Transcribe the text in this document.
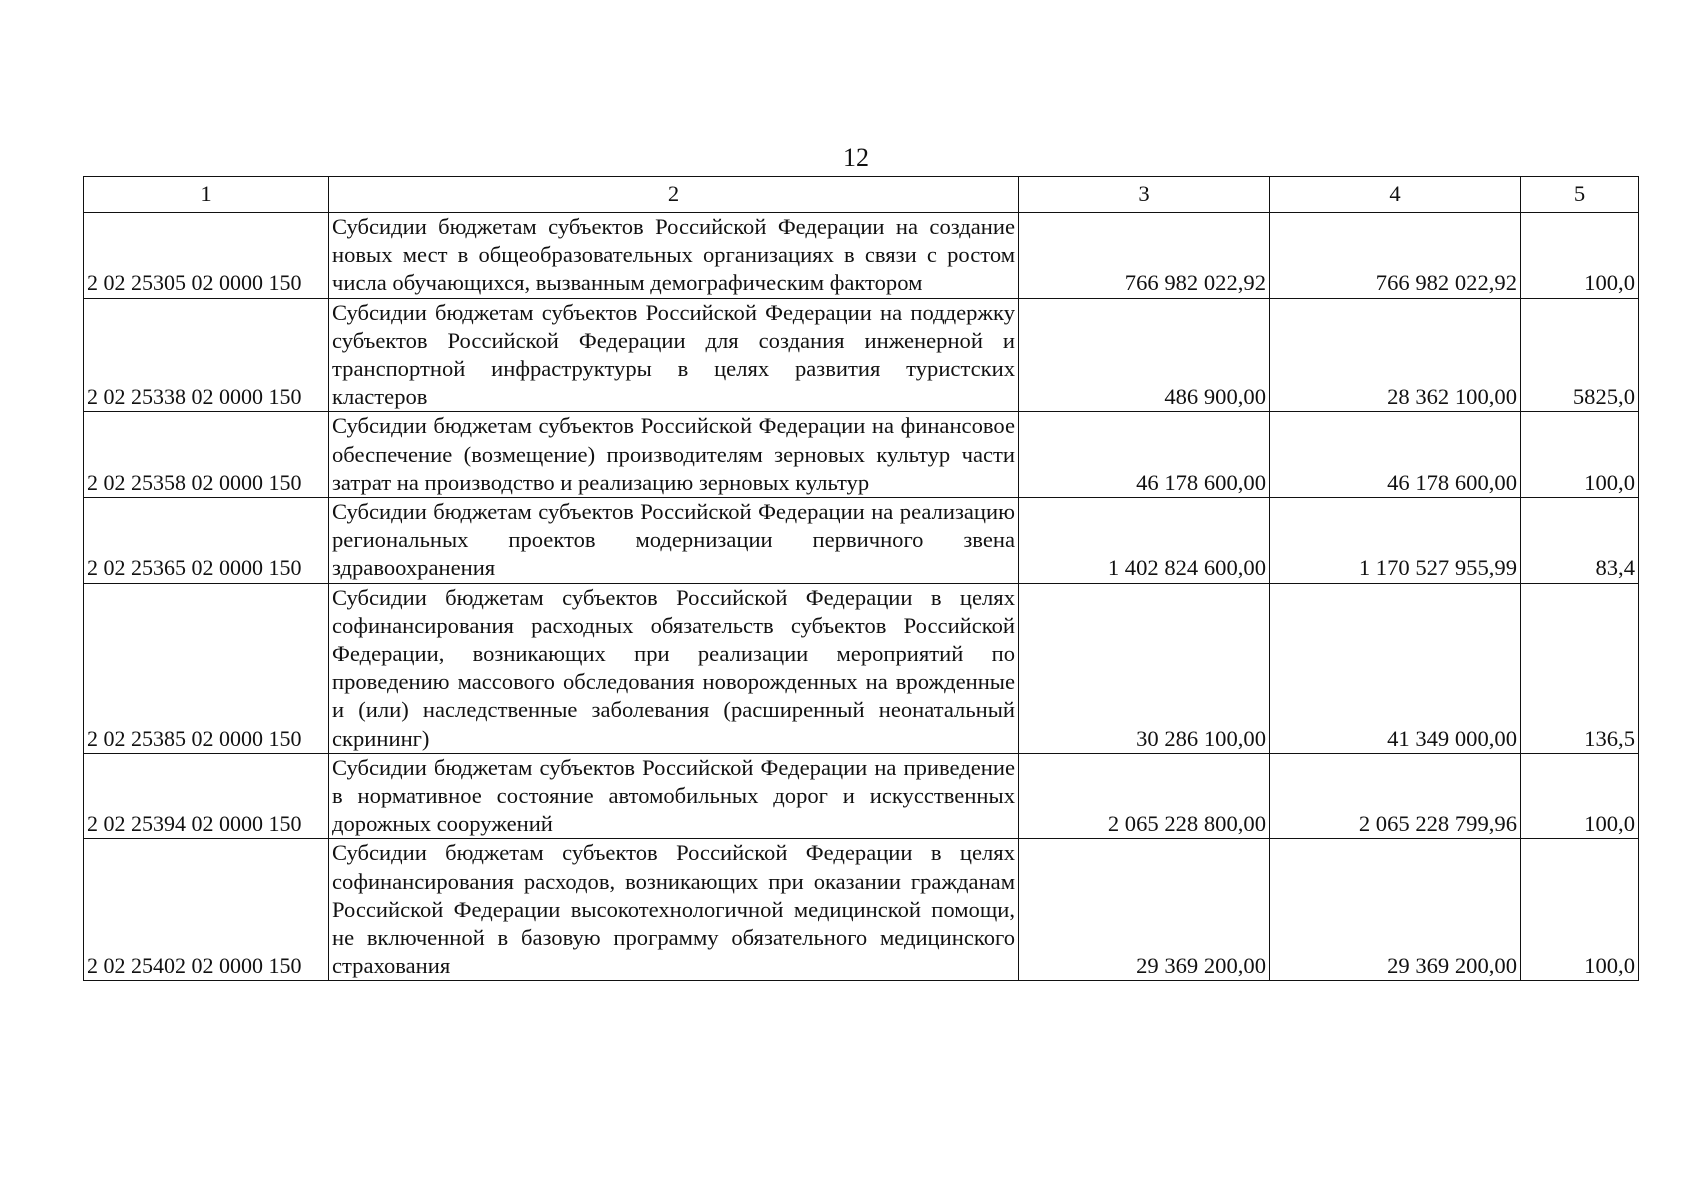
12
1	2	3	4	5
2 02 25305 02 0000 150	Субсидии бюджетам субъектов Российской Федерации на создание новых мест в общеобразовательных организациях в связи с ростом числа обучающихся, вызванным демографическим фактором	766 982 022,92	766 982 022,92	100,0
2 02 25338 02 0000 150	Субсидии бюджетам субъектов Российской Федерации на поддержку субъектов Российской Федерации для создания инженерной и транспортной инфраструктуры в целях развития туристских кластеров	486 900,00	28 362 100,00	5825,0
2 02 25358 02 0000 150	Субсидии бюджетам субъектов Российской Федерации на финансовое обеспечение (возмещение) производителям зерновых культур части затрат на производство и реализацию зерновых культур	46 178 600,00	46 178 600,00	100,0
2 02 25365 02 0000 150	Субсидии бюджетам субъектов Российской Федерации на реализацию региональных проектов модернизации первичного звена здравоохранения	1 402 824 600,00	1 170 527 955,99	83,4
2 02 25385 02 0000 150	Субсидии бюджетам субъектов Российской Федерации в целях софинансирования расходных обязательств субъектов Российской Федерации, возникающих при реализации мероприятий по проведению массового обследования новорожденных на врожденные и (или) наследственные заболевания (расширенный неонатальный скрининг)	30 286 100,00	41 349 000,00	136,5
2 02 25394 02 0000 150	Субсидии бюджетам субъектов Российской Федерации на приведение в нормативное состояние автомобильных дорог и искусственных дорожных сооружений	2 065 228 800,00	2 065 228 799,96	100,0
2 02 25402 02 0000 150	Субсидии бюджетам субъектов Российской Федерации в целях софинансирования расходов, возникающих при оказании гражданам Российской Федерации высокотехнологичной медицинской помощи, не включенной в базовую программу обязательного медицинского страхования	29 369 200,00	29 369 200,00	100,0
